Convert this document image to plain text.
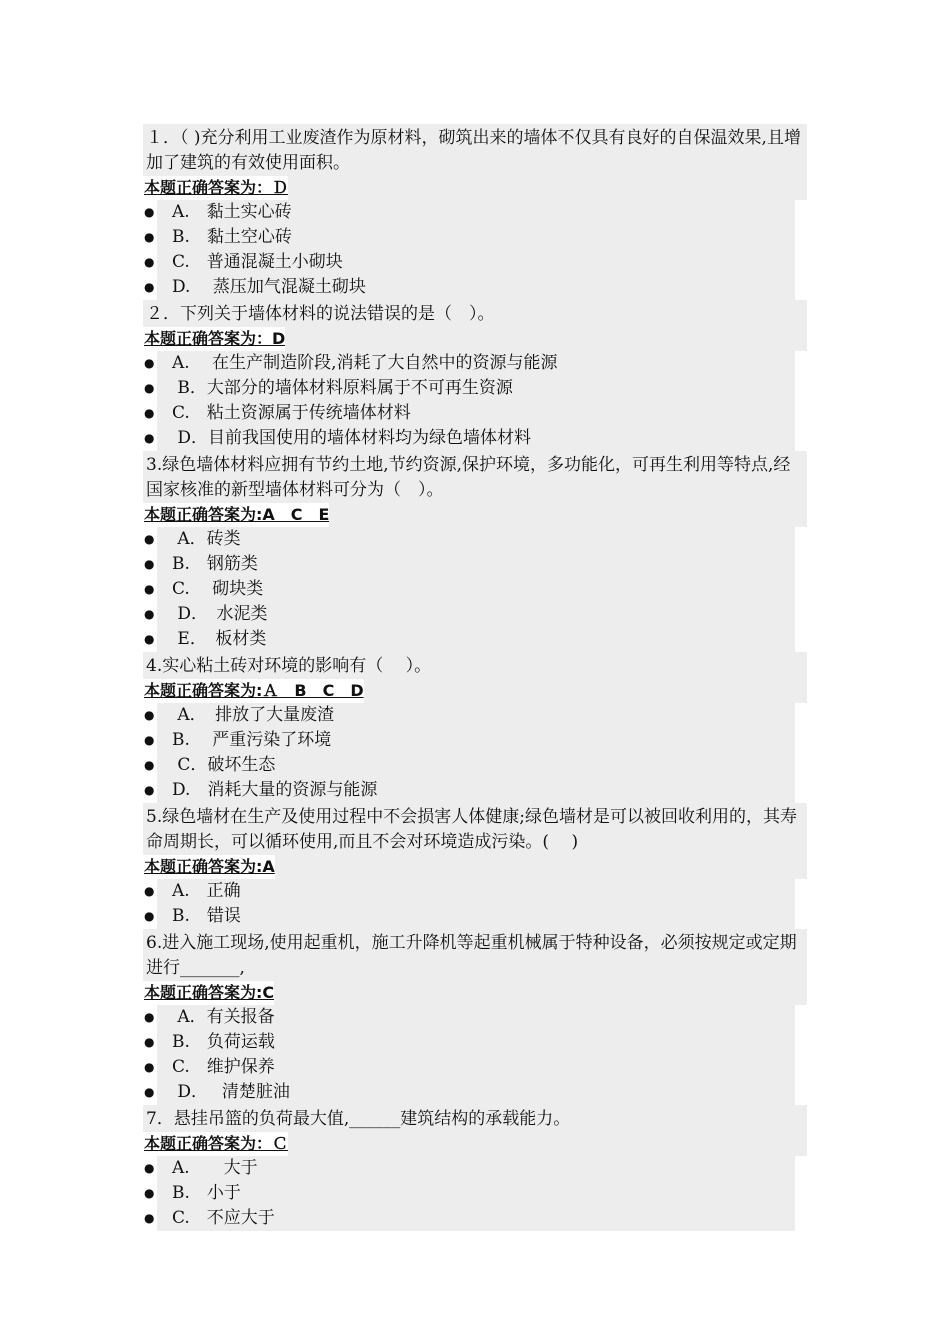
１．（ )充分利用工业废渣作为原材料，砌筑出来的墙体不仅具有良好的自保温效果,且增加了建筑的有效使用面积。
本题正确答案为：Ｄ
● A.　黏土实心砖
● B.　黏土空心砖
● C.　普通混凝土小砌块
● D.　 蒸压加气混凝土砌块
２．下列关于墙体材料的说法错误的是（　）。
本题正确答案为：D
● A.　 在生产制造阶段,消耗了大自然中的资源与能源
● B．大部分的墙体材料原料属于不可再生资源
● C.　粘土资源属于传统墙体材料
● D．目前我国使用的墙体材料均为绿色墙体材料
3.绿色墙体材料应拥有节约土地,节约资源,保护环境，多功能化，可再生利用等特点,经国家核准的新型墙体材料可分为（　）。
本题正确答案为:A　C　E
● A．砖类
● B.　钢筋类
● C.　 砌块类
● D．　水泥类
● E．　板材类
4.实心粘土砖对环境的影响有（　 ）。
本题正确答案为:Ａ　B　C　D
● A．　排放了大量废渣
● B.　 严重污染了环境
● C．破坏生态
● D.　消耗大量的资源与能源
5.绿色墙材在生产及使用过程中不会损害人体健康;绿色墙材是可以被回收利用的，其寿命周期长，可以循环使用,而且不会对环境造成污染。(　 )
本题正确答案为:A
● A.　正确
● B.　错误
6.进入施工现场,使用起重机，施工升降机等起重机械属于特种设备，必须按规定或定期进行_______,
本题正确答案为:C
● A．有关报备
● B.　负荷运载
● C.　维护保养
● D．　 清楚脏油
7．悬挂吊篮的负荷最大值,______建筑结构的承载能力。
本题正确答案为：Ｃ
● A.　　大于
● B.　小于
● C.　不应大于
